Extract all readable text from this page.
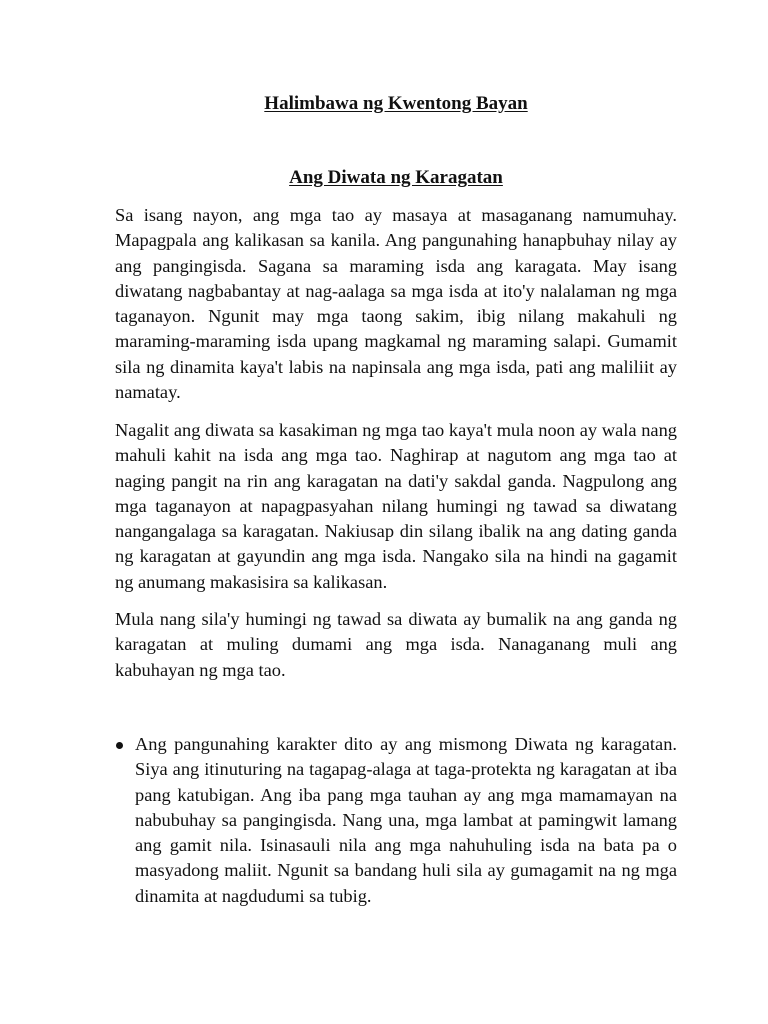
Halimbawa ng Kwentong Bayan
Ang Diwata ng Karagatan

Sa isang nayon, ang mga tao ay masaya at masaganang namumuhay. Mapagpala ang kalikasan sa kanila. Ang pangunahing hanapbuhay nilay ay ang pangingisda. Sagana sa maraming isda ang karagata. May isang diwatang nagbabantay at nag-aalaga sa mga isda at ito'y nalalaman ng mga taganayon. Ngunit may mga taong sakim, ibig nilang makahuli ng maraming-maraming isda upang magkamal ng maraming salapi. Gumamit sila ng dinamita kaya't labis na napinsala ang mga isda, pati ang maliliit ay namatay.

Nagalit ang diwata sa kasakiman ng mga tao kaya't mula noon ay wala nang mahuli kahit na isda ang mga tao. Naghirap at nagutom ang mga tao at naging pangit na rin ang karagatan na dati'y sakdal ganda. Nagpulong ang mga taganayon at napagpasyahan nilang humingi ng tawad sa diwatang nangangalaga sa karagatan. Nakiusap din silang ibalik na ang dating ganda ng karagatan at gayundin ang mga isda. Nangako sila na hindi na gagamit ng anumang makasisira sa kalikasan.

Mula nang sila'y humingi ng tawad sa diwata ay bumalik na ang ganda ng karagatan at muling dumami ang mga isda. Nanaganang muli ang kabuhayan ng mga tao.

Ang pangunahing karakter dito ay ang mismong Diwata ng karagatan. Siya ang itinuturing na tagapag-alaga at taga-protekta ng karagatan at iba pang katubigan. Ang iba pang mga tauhan ay ang mga mamamayan na nabubuhay sa pangingisda. Nang una, mga lambat at pamingwit lamang ang gamit nila. Isinasauli nila ang mga nahuhuling isda na bata pa o masyadong maliit. Ngunit sa bandang huli sila ay gumagamit na ng mga dinamita at nagdudumi sa tubig.
